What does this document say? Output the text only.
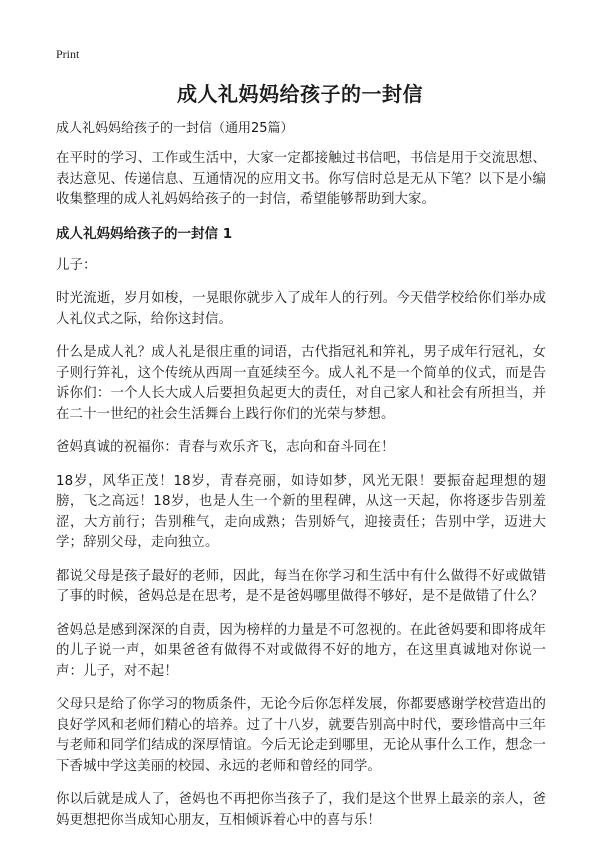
Print
成人礼妈妈给孩子的一封信

成人礼妈妈给孩子的一封信（通用25篇）

在平时的学习、工作或生活中，大家一定都接触过书信吧，书信是用于交流思想、表达意见、传递信息、互通情况的应用文书。你写信时总是无从下笔？以下是小编收集整理的成人礼妈妈给孩子的一封信，希望能够帮助到大家。

成人礼妈妈给孩子的一封信 1

儿子：

时光流逝，岁月如梭，一晃眼你就步入了成年人的行列。今天借学校给你们举办成人礼仪式之际，给你这封信。

什么是成人礼？成人礼是很庄重的词语，古代指冠礼和笄礼，男子成年行冠礼，女子则行笄礼，这个传统从西周一直延续至今。成人礼不是一个简单的仪式，而是告诉你们：一个人长大成人后要担负起更大的责任，对自己家人和社会有所担当，并在二十一世纪的社会生活舞台上践行你们的光荣与梦想。

爸妈真诚的祝福你：青春与欢乐齐飞，志向和奋斗同在！

18岁，风华正茂！18岁，青春亮丽，如诗如梦，风光无限！要振奋起理想的翅膀，飞之高远！18岁，也是人生一个新的里程碑，从这一天起，你将逐步告别羞涩，大方前行；告别稚气，走向成熟；告别娇气，迎接责任；告别中学，迈进大学；辞别父母，走向独立。

都说父母是孩子最好的老师，因此，每当在你学习和生活中有什么做得不好或做错了事的时候，爸妈总是在思考，是不是爸妈哪里做得不够好，是不是做错了什么？

爸妈总是感到深深的自责，因为榜样的力量是不可忽视的。在此爸妈要和即将成年的儿子说一声，如果爸爸有做得不对或做得不好的地方，在这里真诚地对你说一声：儿子，对不起！

父母只是给了你学习的物质条件，无论今后你怎样发展，你都要感谢学校营造出的良好学风和老师们精心的培养。过了十八岁，就要告别高中时代，要珍惜高中三年与老师和同学们结成的深厚情谊。今后无论走到哪里，无论从事什么工作，想念一下香城中学这美丽的校园、永远的老师和曾经的同学。

你以后就是成人了，爸妈也不再把你当孩子了，我们是这个世界上最亲的亲人，爸妈更想把你当成知心朋友，互相倾诉着心中的喜与乐！
